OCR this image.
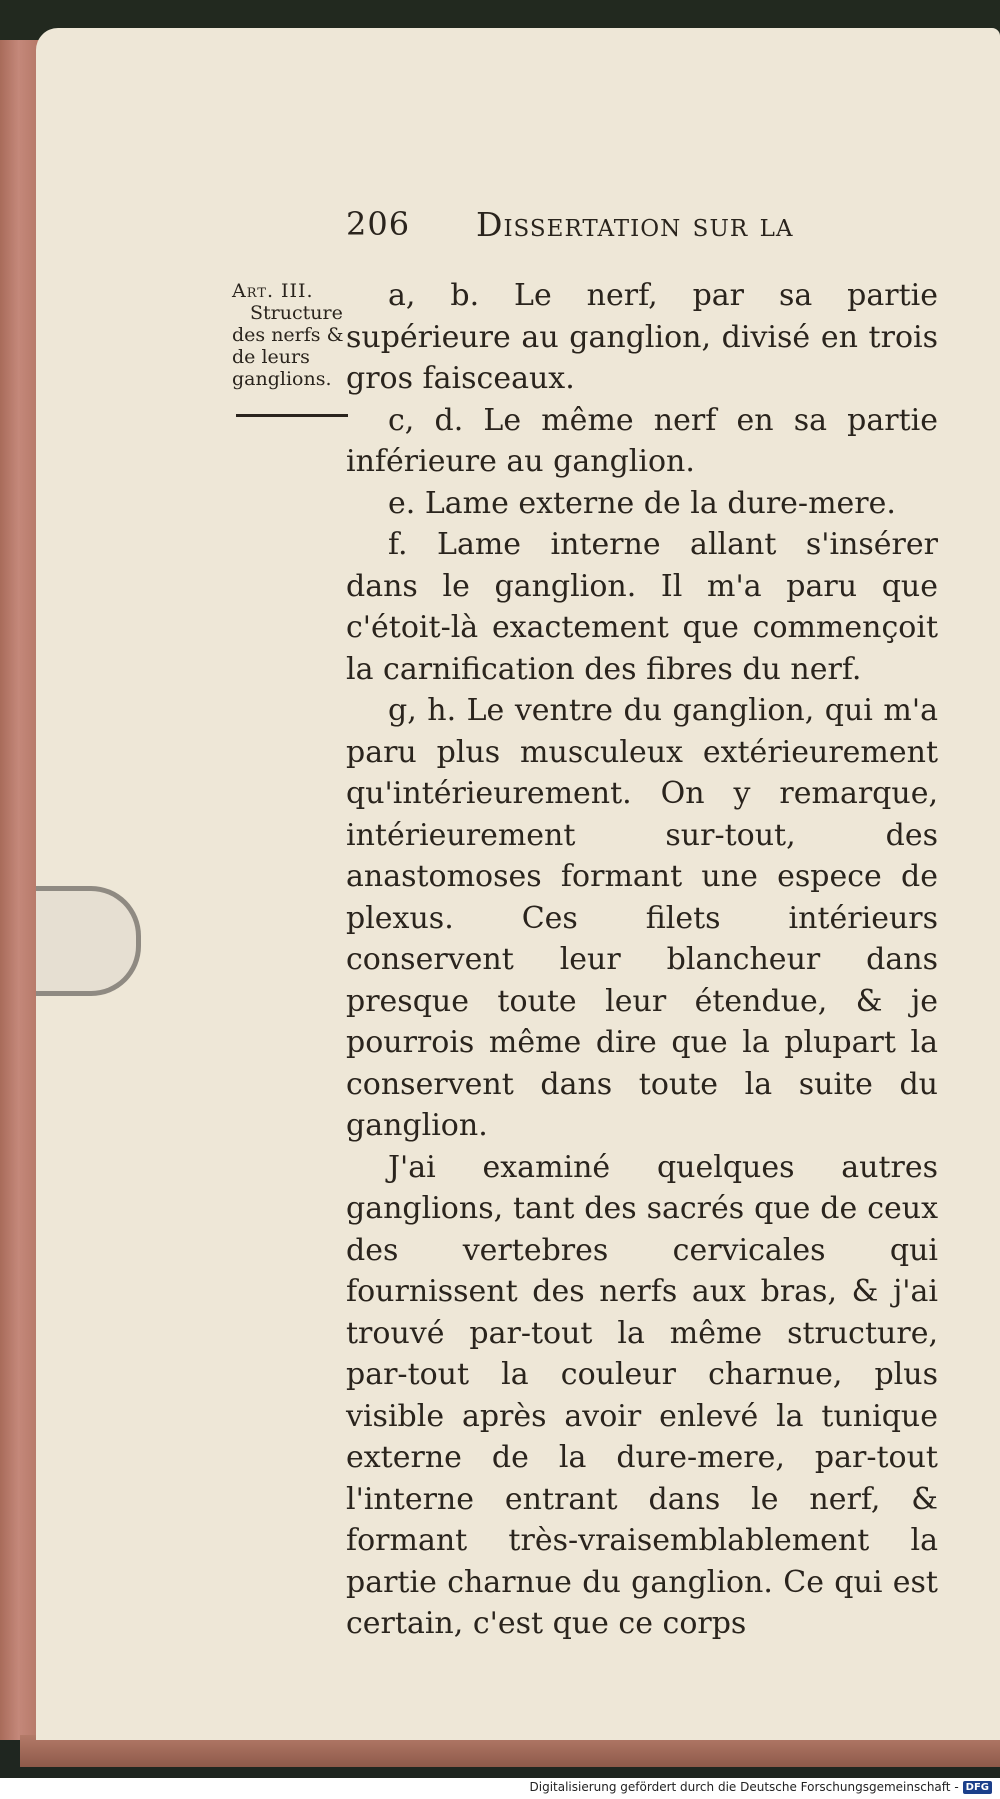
206 Dissertation sur la
Art. III.
Structure
des nerfs &
de leurs
ganglions.

a, b. Le nerf, par sa partie supérieure au ganglion, divisé en trois gros faisceaux.

c, d. Le même nerf en sa partie inférieure au ganglion.

e. Lame externe de la dure-mere.

f. Lame interne allant s'insérer dans le ganglion. Il m'a paru que c'étoit-là exactement que commençoit la carnification des fibres du nerf.

g, h. Le ventre du ganglion, qui m'a paru plus musculeux extérieurement qu'intérieurement. On y remarque, intérieurement sur-tout, des anastomoses formant une espece de plexus. Ces filets intérieurs conservent leur blancheur dans presque toute leur étendue, & je pourrois même dire que la plupart la conservent dans toute la suite du ganglion.

J'ai examiné quelques autres ganglions, tant des sacrés que de ceux des vertebres cervicales qui fournissent des nerfs aux bras, & j'ai trouvé par-tout la même structure, par-tout la couleur charnue, plus visible après avoir enlevé la tunique externe de la dure-mere, par-tout l'interne entrant dans le nerf, & formant très-vraisemblablement la partie charnue du ganglion. Ce qui est certain, c'est que ce corps

Digitalisierung gefördert durch die Deutsche Forschungsgemeinschaft - DFG
